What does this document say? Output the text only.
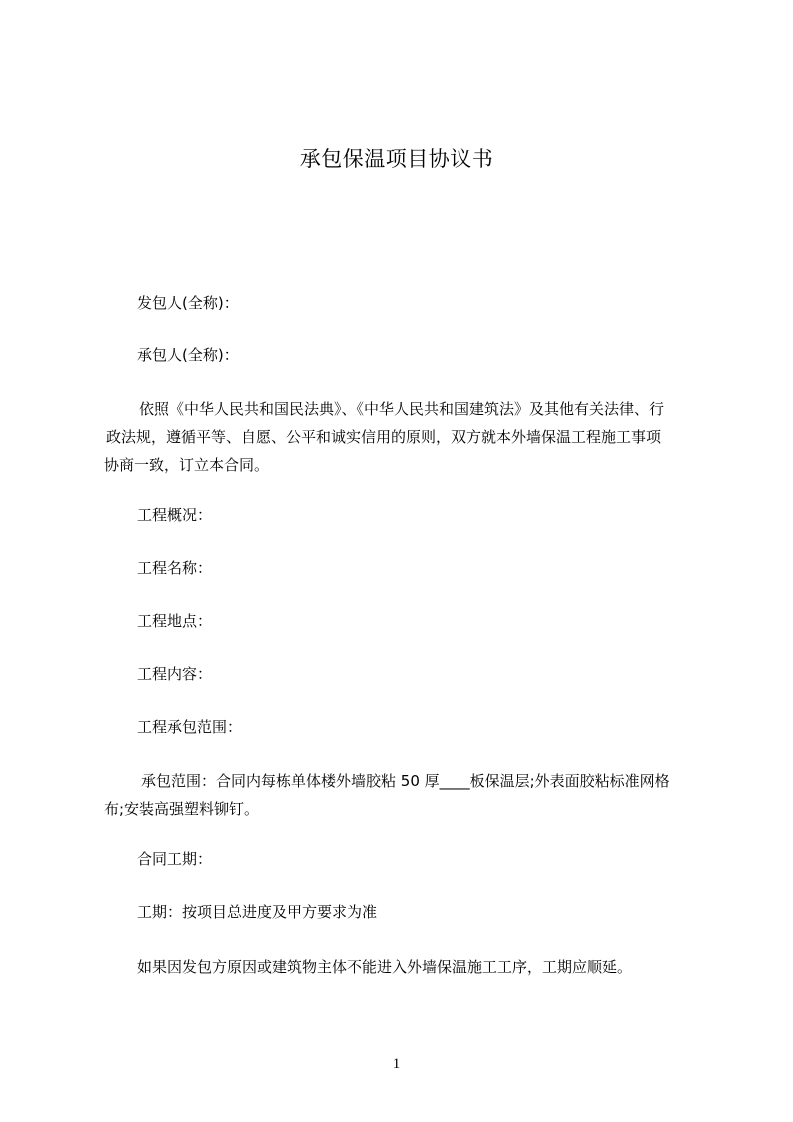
承包保温项目协议书
发包人(全称)：
承包人(全称)：
依照《中华人民共和国民法典》、《中华人民共和国建筑法》及其他有关法律、行
政法规，遵循平等、自愿、公平和诚实信用的原则，双方就本外墙保温工程施工事项
协商一致，订立本合同。
工程概况：
工程名称：
工程地点：
工程内容：
工程承包范围：
承包范围：合同内每栋单体楼外墙胶粘 50 厚____板保温层;外表面胶粘标准网格
布;安装高强塑料铆钉。
合同工期：
工期：按项目总进度及甲方要求为准
如果因发包方原因或建筑物主体不能进入外墙保温施工工序，工期应顺延。
1
